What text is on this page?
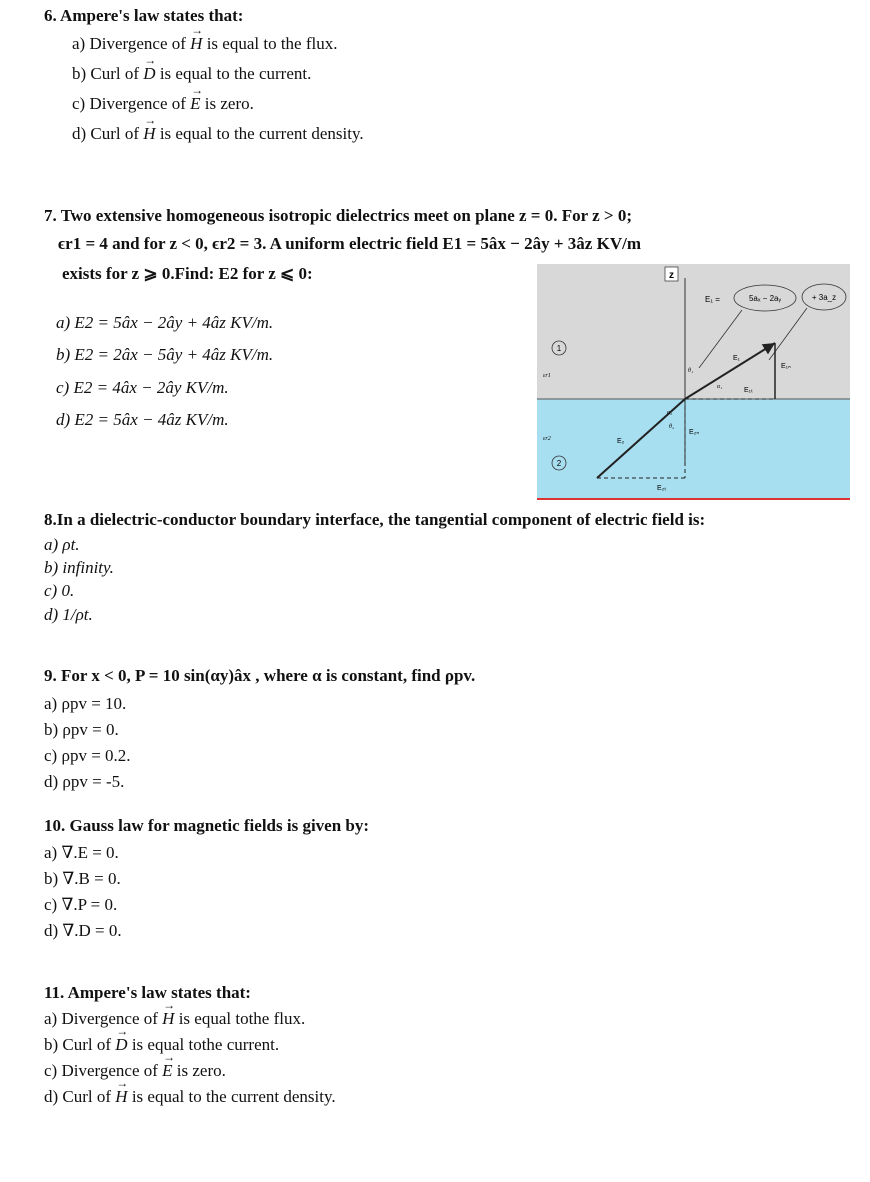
6. Ampere's law states that:
a) Divergence of → H is equal to the flux.
b) Curl of → D is equal to the current.
c) Divergence of → E is zero.
d) Curl of → H is equal to the current density.
7. Two extensive homogeneous isotropic dielectrics meet on plane z = 0. For z > 0;
ϵr1 = 4 and for z < 0, ϵr2 = 3. A uniform electric field E1 = 5âx − 2ây + 3âz KV/m
exists for z ⩾ 0.Find: E2 for z ⩽ 0:
a) E2 = 5âx − 2ây + 4âz KV/m.
b) E2 = 2âx − 5ây + 4âz KV/m.
c) E2 = 4âx − 2ây KV/m.
d) E2 = 5âx − 4âz KV/m.
z
E₁ =	5aₓ − 2aᵧ	+ 3a_z
1
εr1
εr2
2
E₁
E₁ₙ
E₁ₜ
α₁
θ₁
α₂
θ₂
E₂
E₂ₙ
E₂ₜ
8.In a dielectric-conductor boundary interface, the tangential component of electric field is:
a) ρt.
b) infinity.
c) 0.
d) 1/ρt.
9. For x < 0, P = 10 sin(αy)âx , where α is constant, find ρpv.
a) ρpv = 10.
b) ρpv = 0.
c) ρpv = 0.2.
d) ρpv = -5.
10. Gauss law for magnetic fields is given by:
a) ∇.E = 0.
b) ∇.B = 0.
c) ∇.P = 0.
d) ∇.D = 0.
11. Ampere's law states that:
a) Divergence of → H is equal tothe flux.
b) Curl of → D is equal tothe current.
c) Divergence of → E is zero.
d) Curl of → H is equal to the current density.
